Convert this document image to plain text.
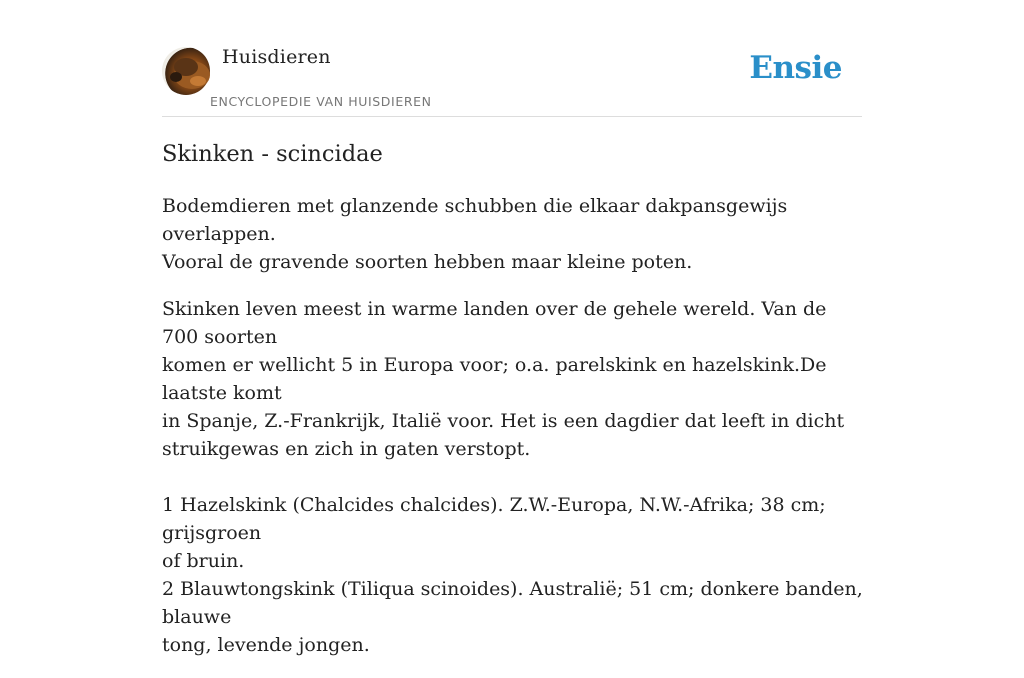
Huisdieren
ENCYCLOPEDIE VAN HUISDIEREN
Ensie
Skinken - scincidae

Bodemdieren met glanzende schubben die elkaar dakpansgewijs overlappen.
Vooral de gravende soorten hebben maar kleine poten.

Skinken leven meest in warme landen over de gehele wereld. Van de 700 soorten
komen er wellicht 5 in Europa voor; o.a. parelskink en hazelskink.De laatste komt
in Spanje, Z.-Frankrijk, Italië voor. Het is een dagdier dat leeft in dicht
struikgewas en zich in gaten verstopt.

1 Hazelskink (Chalcides chalcides). Z.W.-Europa, N.W.-Afrika; 38 cm; grijsgroen
of bruin.
2 Blauwtongskink (Tiliqua scinoides). Australië; 51 cm; donkere banden, blauwe
tong, levende jongen.
